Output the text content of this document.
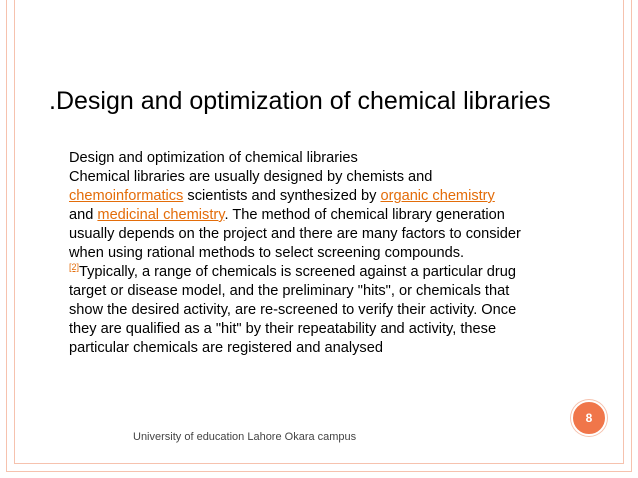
.Design and optimization of chemical libraries

Design and optimization of chemical libraries

Chemical libraries are usually designed by chemists and chemoinformatics scientists and synthesized by organic chemistry and medicinal chemistry. The method of chemical library generation usually depends on the project and there are many factors to consider when using rational methods to select screening compounds.[2]Typically, a range of chemicals is screened against a particular drug target or disease model, and the preliminary "hits", or chemicals that show the desired activity, are re-screened to verify their activity. Once they are qualified as a "hit" by their repeatability and activity, these particular chemicals are registered and analysed

8
University of education Lahore Okara campus
